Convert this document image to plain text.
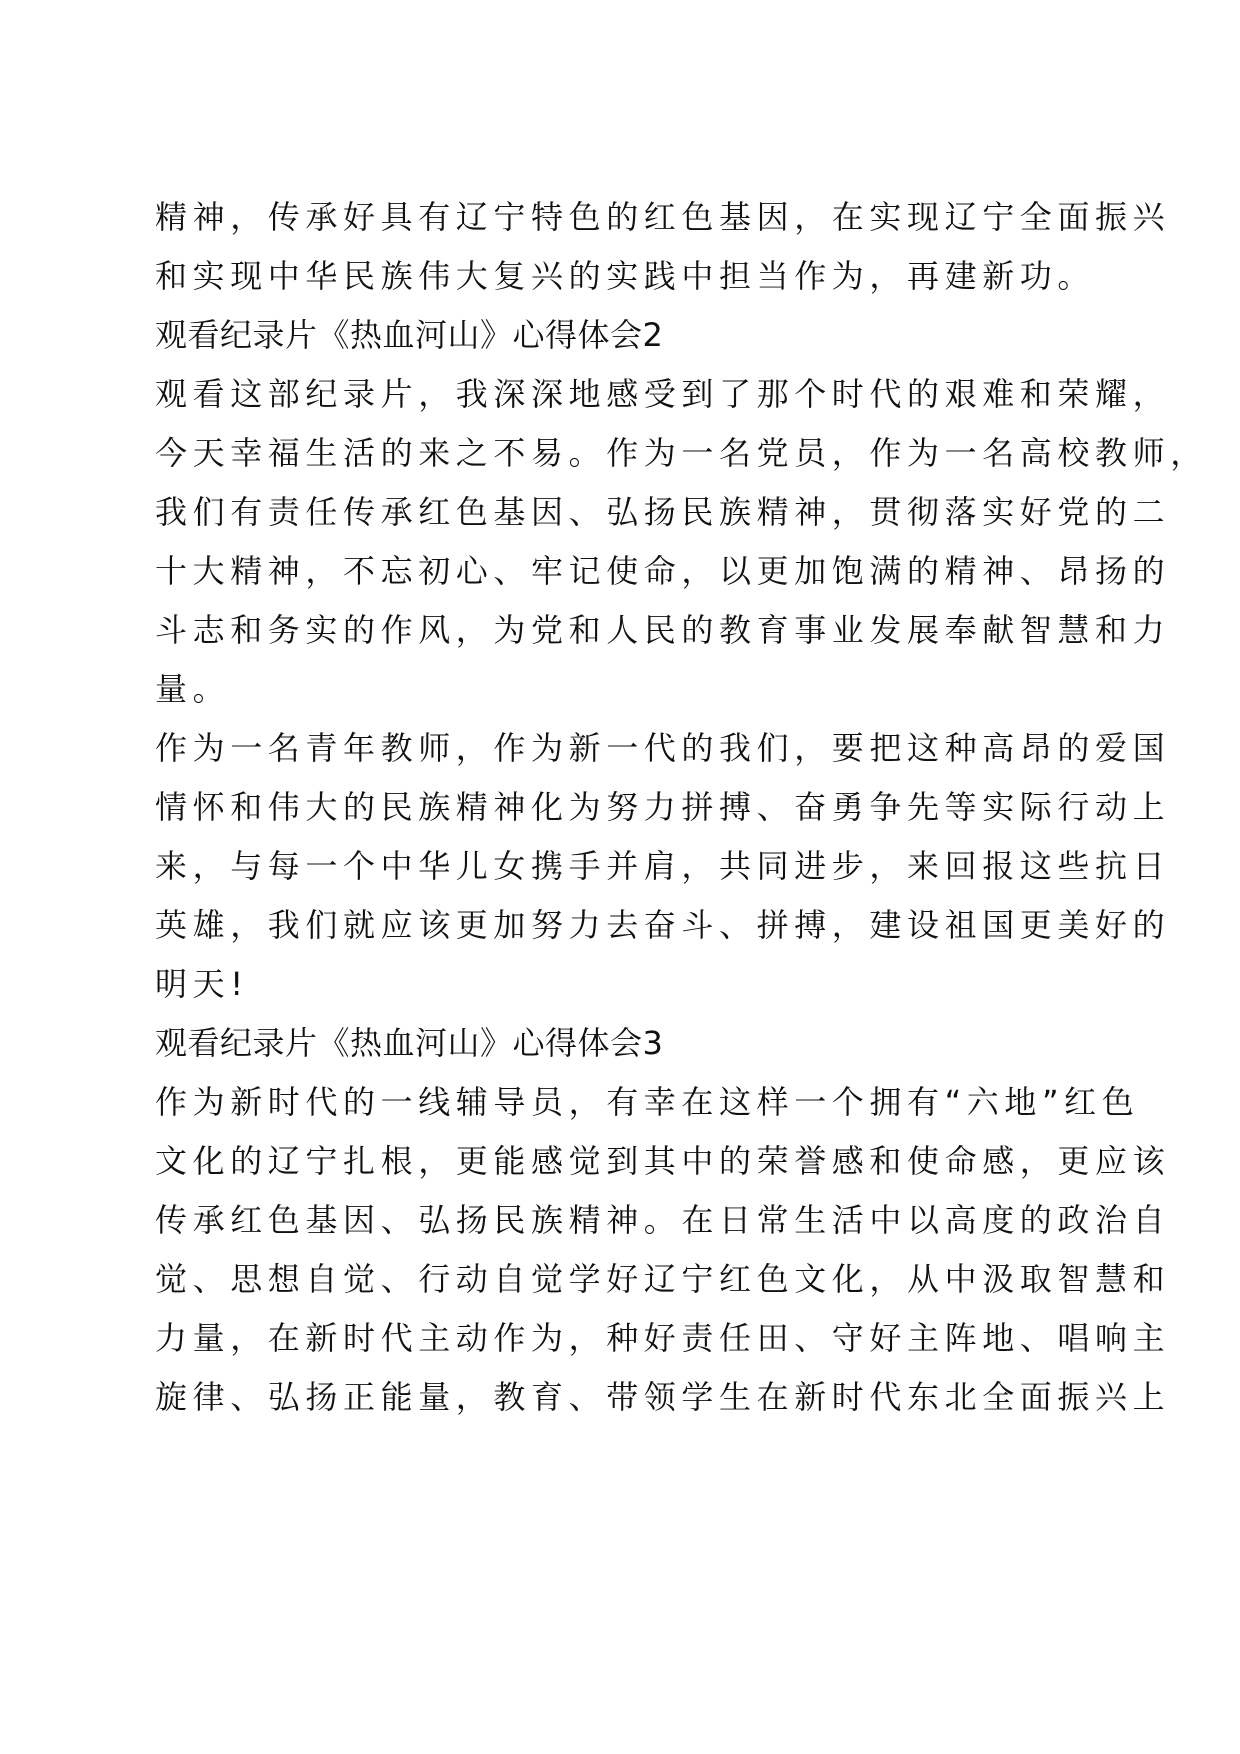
精神，传承好具有辽宁特色的红色基因，在实现辽宁全面振兴
和实现中华民族伟大复兴的实践中担当作为，再建新功。
观看纪录片《热血河山》心得体会2
观看这部纪录片，我深深地感受到了那个时代的艰难和荣耀，
今天幸福生活的来之不易。作为一名党员，作为一名高校教师，
我们有责任传承红色基因、弘扬民族精神，贯彻落实好党的二
十大精神，不忘初心、牢记使命，以更加饱满的精神、昂扬的
斗志和务实的作风，为党和人民的教育事业发展奉献智慧和力
量。
作为一名青年教师，作为新一代的我们，要把这种高昂的爱国
情怀和伟大的民族精神化为努力拼搏、奋勇争先等实际行动上
来，与每一个中华儿女携手并肩，共同进步，来回报这些抗日
英雄，我们就应该更加努力去奋斗、拼搏，建设祖国更美好的
明天!
观看纪录片《热血河山》心得体会3
作为新时代的一线辅导员，有幸在这样一个拥有“六地”红色
文化的辽宁扎根，更能感觉到其中的荣誉感和使命感，更应该
传承红色基因、弘扬民族精神。在日常生活中以高度的政治自
觉、思想自觉、行动自觉学好辽宁红色文化，从中汲取智慧和
力量，在新时代主动作为，种好责任田、守好主阵地、唱响主
旋律、弘扬正能量，教育、带领学生在新时代东北全面振兴上
